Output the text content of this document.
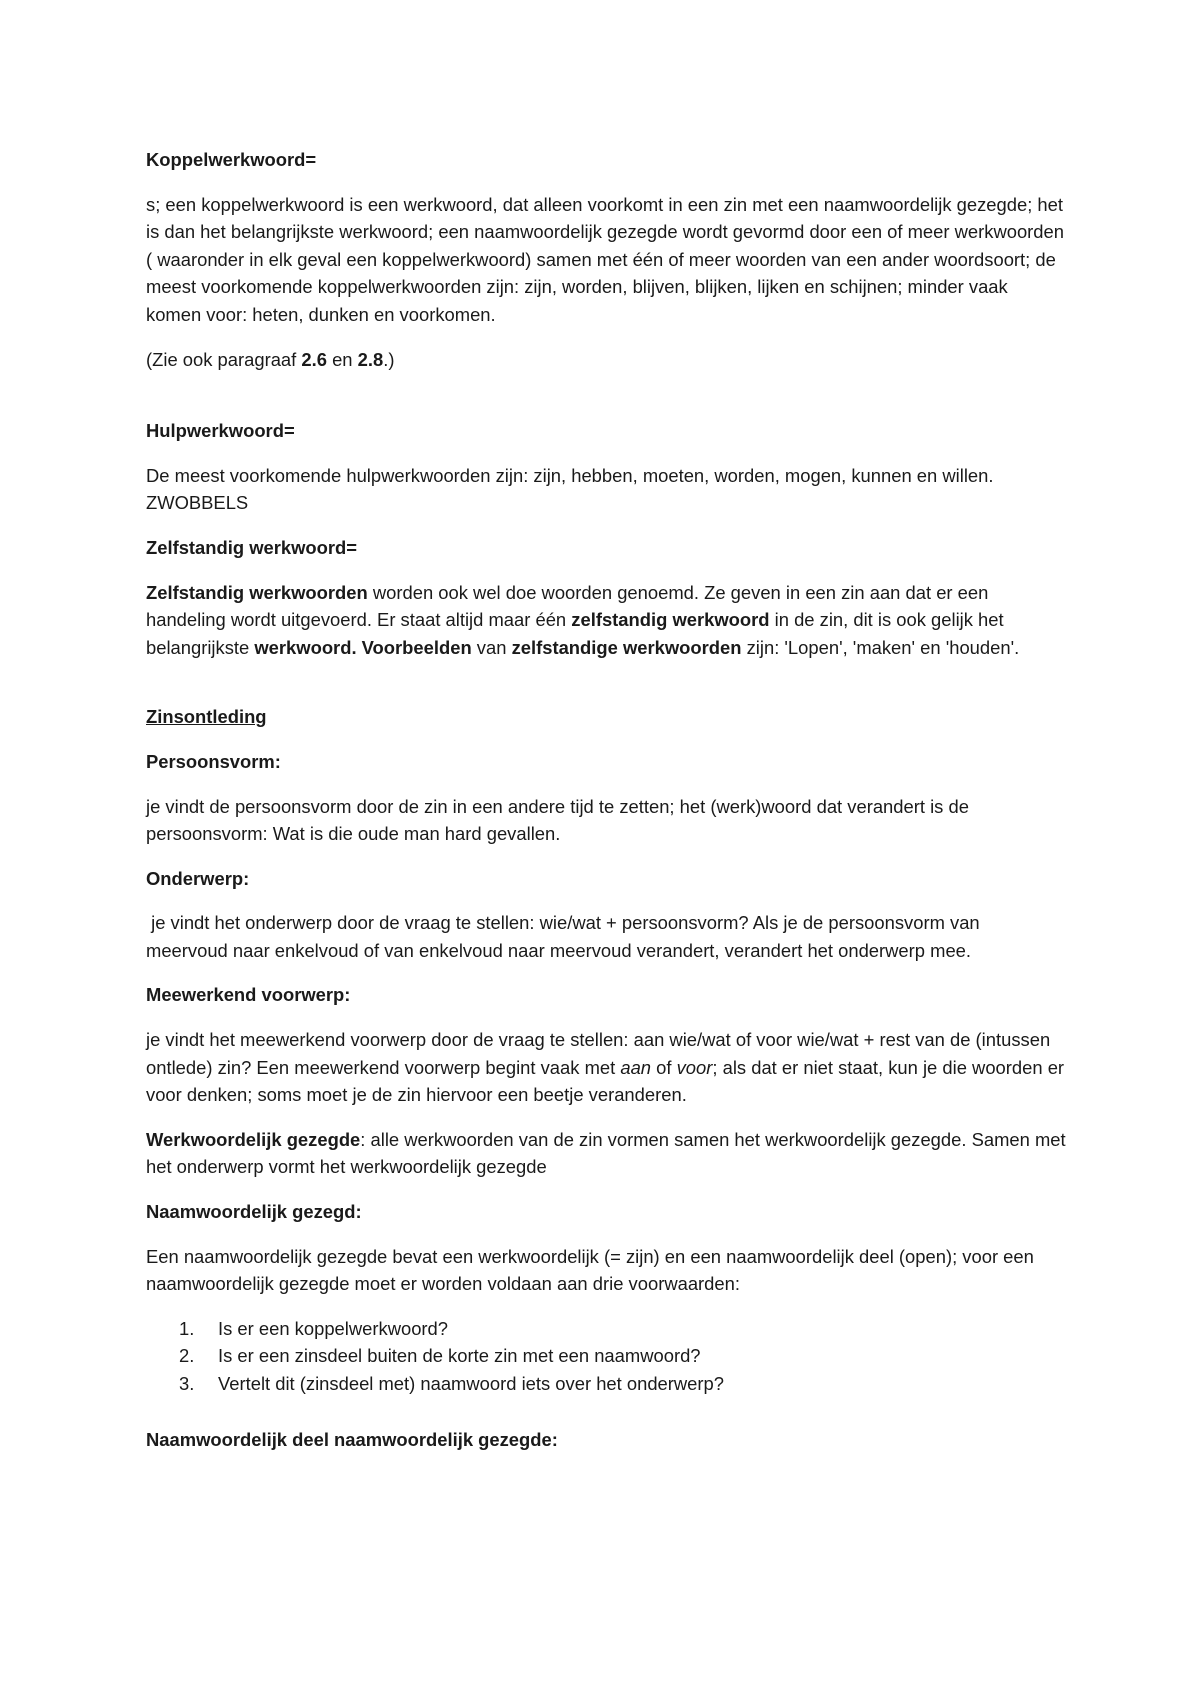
Koppelwerkwoord=

s; een koppelwerkwoord is een werkwoord, dat alleen voorkomt in een zin met een naamwoordelijk gezegde; het is dan het belangrijkste werkwoord; een naamwoordelijk gezegde wordt gevormd door een of meer werkwoorden ( waaronder in elk geval een koppelwerkwoord) samen met één of meer woorden van een ander woordsoort; de meest voorkomende koppelwerkwoorden zijn: zijn, worden, blijven, blijken, lijken en schijnen; minder vaak komen voor: heten, dunken en voorkomen.

(Zie ook paragraaf 2.6 en 2.8.)

Hulpwerkwoord=

De meest voorkomende hulpwerkwoorden zijn: zijn, hebben, moeten, worden, mogen, kunnen en willen. ZWOBBELS

Zelfstandig werkwoord=

Zelfstandig werkwoorden worden ook wel doe woorden genoemd. Ze geven in een zin aan dat er een handeling wordt uitgevoerd. Er staat altijd maar één zelfstandig werkwoord in de zin, dit is ook gelijk het belangrijkste werkwoord. Voorbeelden van zelfstandige werkwoorden zijn: 'Lopen', 'maken' en 'houden'.

Zinsontleding

Persoonsvorm:

je vindt de persoonsvorm door de zin in een andere tijd te zetten; het (werk)woord dat verandert is de persoonsvorm: Wat is die oude man hard gevallen.

Onderwerp:

je vindt het onderwerp door de vraag te stellen: wie/wat + persoonsvorm? Als je de persoonsvorm van meervoud naar enkelvoud of van enkelvoud naar meervoud verandert, verandert het onderwerp mee.

Meewerkend voorwerp:

je vindt het meewerkend voorwerp door de vraag te stellen: aan wie/wat of voor wie/wat + rest van de (intussen ontlede) zin? Een meewerkend voorwerp begint vaak met aan of voor; als dat er niet staat, kun je die woorden er voor denken; soms moet je de zin hiervoor een beetje veranderen.

Werkwoordelijk gezegde: alle werkwoorden van de zin vormen samen het werkwoordelijk gezegde. Samen met het onderwerp vormt het werkwoordelijk gezegde

Naamwoordelijk gezegd:

Een naamwoordelijk gezegde bevat een werkwoordelijk (= zijn) en een naamwoordelijk deel (open); voor een naamwoordelijk gezegde moet er worden voldaan aan drie voorwaarden:

1. Is er een koppelwerkwoord?
2. Is er een zinsdeel buiten de korte zin met een naamwoord?
3. Vertelt dit (zinsdeel met) naamwoord iets over het onderwerp?

Naamwoordelijk deel naamwoordelijk gezegde:
